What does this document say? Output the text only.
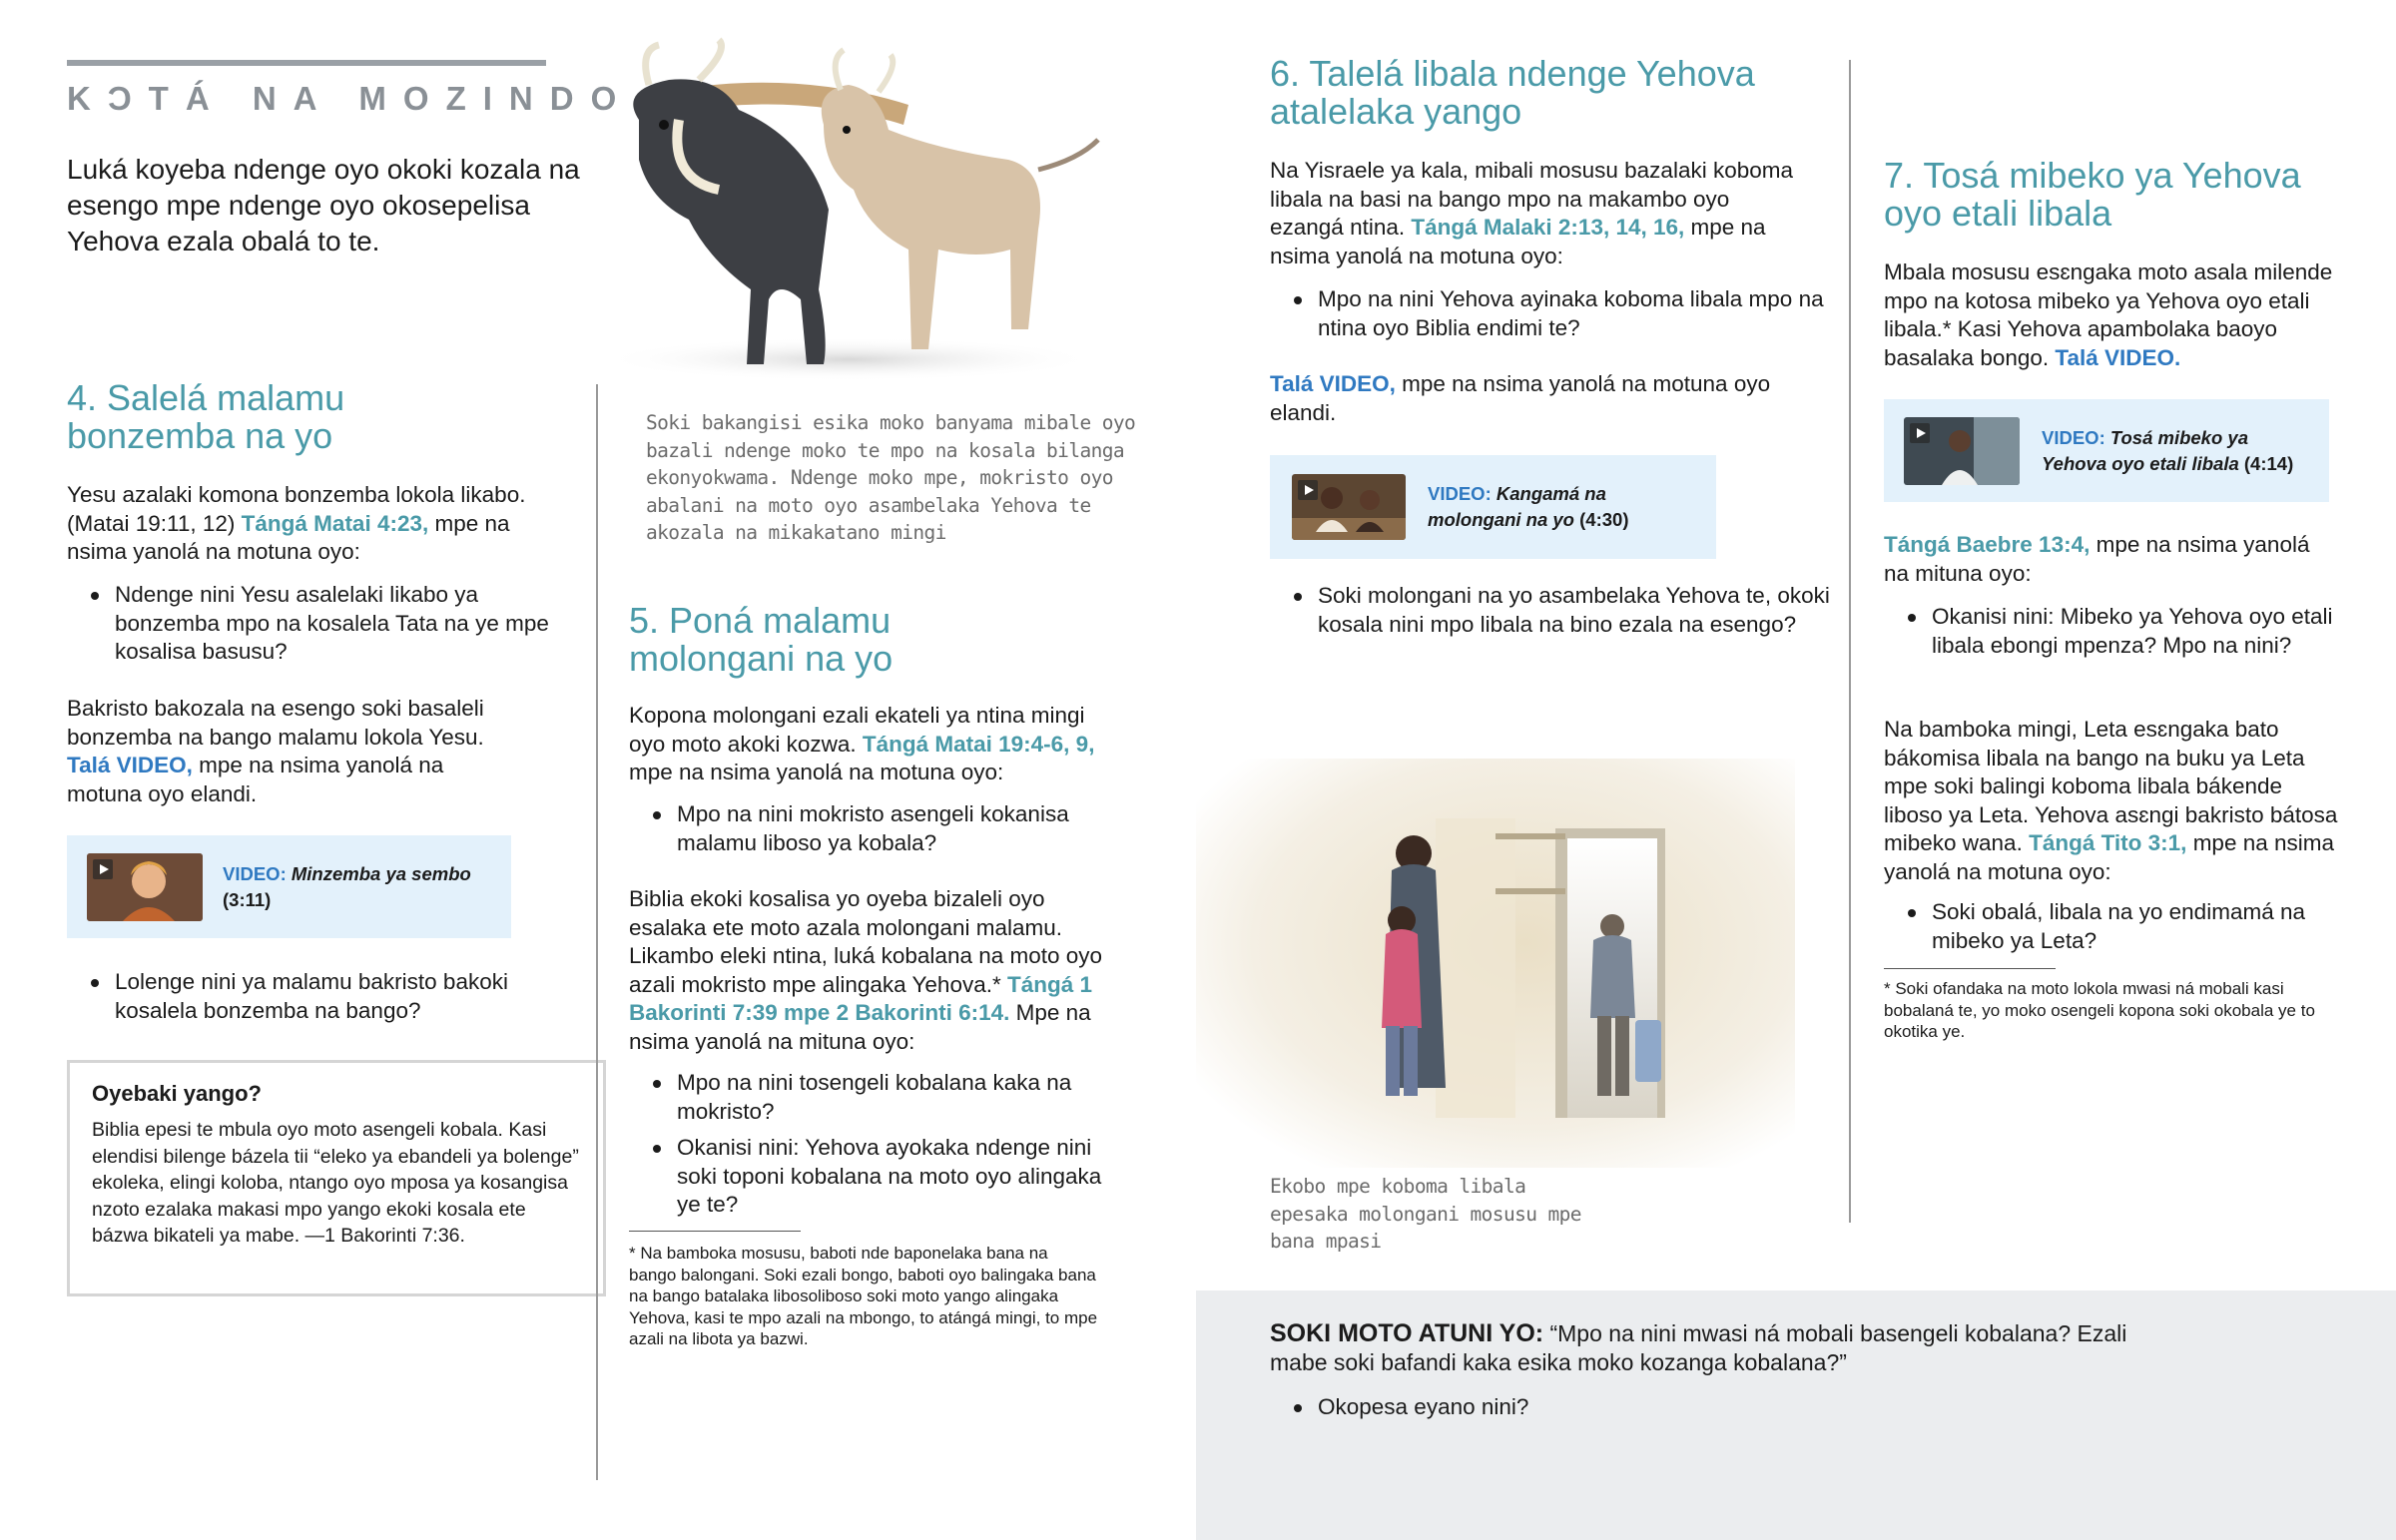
KƆTÁ NA MOZINDO
Luká koyeba ndenge oyo okoki kozala na esengo mpe ndenge oyo okosepelisa Yehova ezala obalá to te.
4. Salelá malamu bonzemba na yo

Yesu azalaki komona bonzemba lokola likabo. (Matai 19:11, 12) Tángá Matai 4:23, mpe na nsima yanolá na motuna oyo:

Ndenge nini Yesu asalelaki likabo ya bonzemba mpo na kosalela Tata na ye mpe kosalisa basusu?

Bakristo bakozala na esengo soki basaleli bonzemba na bango malamu lokola Yesu. Talá VIDEO, mpe na nsima yanolá na motuna oyo elandi.

VIDEO: Minzemba ya sembo
(3:11)
Lolenge nini ya malamu bakristo bakoki kosalela bonzemba na bango?
Oyebaki yango?
Biblia epesi te mbula oyo moto asengeli kobala. Kasi elendisi bilenge bázela tii “eleko ya ebandeli ya bolenge” ekoleka, elingi koloba, ntango oyo mposa ya kosangisa nzoto ezalaka makasi mpo yango ekoki kosala ete bázwa bikateli ya mabe. —1 Bakorinti 7:36.
Soki bakangisi esika moko banyama mibale oyo bazali ndenge moko te mpo na kosala bilanga ekonyokwama. Ndenge moko mpe, mokristo oyo abalani na moto oyo asambelaka Yehova te akozala na mikakatano mingi
5. Poná malamu molongani na yo

Kopona molongani ezali ekateli ya ntina mingi oyo moto akoki kozwa. Tángá Matai 19:4-6, 9, mpe na nsima yanolá na motuna oyo:

Mpo na nini mokristo asengeli kokanisa malamu liboso ya kobala?

Biblia ekoki kosalisa yo oyeba bizaleli oyo esalaka ete moto azala molongani malamu. Likambo eleki ntina, luká kobalana na moto oyo azali mokristo mpe alingaka Yehova.* Tángá 1 Bakorinti 7:39 mpe 2 Bakorinti 6:14. Mpe na nsima yanolá na mituna oyo:

Mpo na nini tosengeli kobalana kaka na mokristo?
Okanisi nini: Yehova ayokaka ndenge nini soki toponi kobalana na moto oyo alingaka ye te?
* Na bamboka mosusu, baboti nde baponelaka bana na bango balongani. Soki ezali bongo, baboti oyo balingaka bana na bango batalaka libosoliboso soki moto yango alingaka Yehova, kasi te mpo azali na mbongo, to atángá mingi, to mpe azali na libota ya bazwi.
6. Talelá libala ndenge Yehova atalelaka yango

Na Yisraele ya kala, mibali mosusu bazalaki koboma libala na basi na bango mpo na makambo oyo ezangá ntina. Tángá Malaki 2:13, 14, 16, mpe na nsima yanolá na motuna oyo:

Mpo na nini Yehova ayinaka koboma libala mpo na ntina oyo Biblia endimi te?

Talá VIDEO, mpe na nsima yanolá na motuna oyo elandi.

VIDEO: Kangamá na molongani na yo (4:30)
Soki molongani na yo asambelaka Yehova te, okoki kosala nini mpo libala na bino ezala na esengo?
Ekobo mpe koboma libala epesaka molongani mosusu mpe bana mpasi
7. Tosá mibeko ya Yehova oyo etali libala

Mbala mosusu esɛngaka moto asala milende mpo na kotosa mibeko ya Yehova oyo etali libala.* Kasi Yehova apambolaka baoyo basalaka bongo. Talá VIDEO.

VIDEO: Tosá mibeko ya Yehova oyo etali libala (4:14)

Tángá Baebre 13:4, mpe na nsima yanolá na mituna oyo:

Okanisi nini: Mibeko ya Yehova oyo etali libala ebongi mpenza? Mpo na nini?

Na bamboka mingi, Leta esɛngaka bato bákomisa libala na bango na buku ya Leta mpe soki balingi koboma libala bákende liboso ya Leta. Yehova asɛngi bakristo bátosa mibeko wana. Tángá Tito 3:1, mpe na nsima yanolá na motuna oyo:

Soki obalá, libala na yo endimamá na mibeko ya Leta?
* Soki ofandaka na moto lokola mwasi ná mobali kasi bobalaná te, yo moko osengeli kopona soki okobala ye to okotika ye.

SOKI MOTO ATUNI YO: “Mpo na nini mwasi ná mobali basengeli kobalana? Ezali mabe soki bafandi kaka esika moko kozanga kobalana?”

Okopesa eyano nini?
